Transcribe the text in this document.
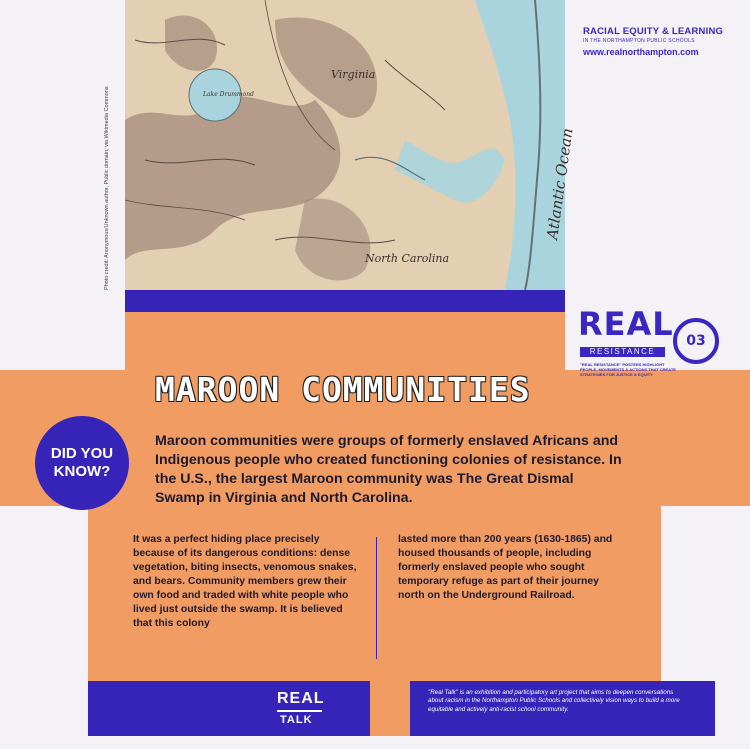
Virginia
North Carolina
Lake Drummond
Atlantic Ocean
Photo credit: Anonymous/Unknown author, Public domain, via Wikimedia Commons
RACIAL EQUITY & LEARNING
IN THE NORTHAMPTON PUBLIC SCHOOLS
www.realnorthampton.com
REAL
RESISTANCE
03
"REAL RESISTANCE" POSTERS HIGHLIGHT PEOPLE, MOVEMENTS & ACTIONS THAT CREATE STRATEGIES FOR JUSTICE & EQUITY
MAROON COMMUNITIES
DID YOU
KNOW?
Maroon communities were groups of formerly enslaved Africans and Indigenous people who created functioning colonies of resistance. In the U.S., the largest Maroon community was The Great Dismal Swamp in Virginia and North Carolina.
It was a perfect hiding place precisely because of its dangerous conditions: dense vegetation, biting insects, venomous snakes, and bears. Community members grew their own food and traded with white people who lived just outside the swamp. It is believed that this colony
lasted more than 200 years (1630-1865) and housed thousands of people, including formerly enslaved people who sought temporary refuge as part of their journey north on the Underground Railroad.
REAL
TALK
"Real Talk" is an exhibition and participatory art project that aims to deepen conversations about racism in the Northampton Public Schools and collectively vision ways to build a more equitable and actively anti-racist school community.
